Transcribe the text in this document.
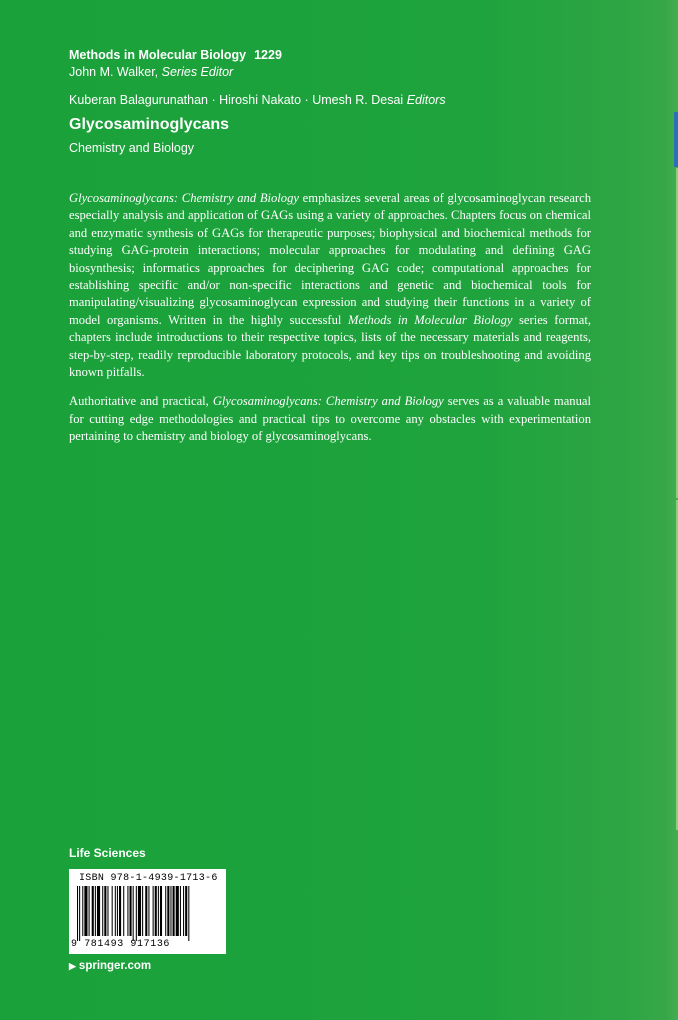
Methods in Molecular Biology 1229
John M. Walker, Series Editor
Kuberan Balagurunathan · Hiroshi Nakato · Umesh R. Desai Editors
Glycosaminoglycans
Chemistry and Biology

Glycosaminoglycans: Chemistry and Biology emphasizes several areas of glycosaminoglycan research especially analysis and application of GAGs using a variety of approaches. Chapters focus on chemical and enzymatic synthesis of GAGs for therapeutic purposes; biophysical and biochemical methods for studying GAG-protein interactions; molecular approaches for modulating and defining GAG biosynthesis; informatics approaches for deciphering GAG code; computational approaches for establishing specific and/or non-specific interactions and genetic and biochemical tools for manipulating/visualizing glycosaminoglycan expression and studying their functions in a variety of model organisms. Written in the highly successful Methods in Molecular Biology series format, chapters include introductions to their respective topics, lists of the necessary materials and reagents, step-by-step, readily reproducible laboratory protocols, and key tips on troubleshooting and avoiding known pitfalls.

Authoritative and practical, Glycosaminoglycans: Chemistry and Biology serves as a valuable manual for cutting edge methodologies and practical tips to overcome any obstacles with experimentation pertaining to chemistry and biology of glycosaminoglycans.

Life Sciences
ISBN 978-1-4939-1713-6
9 781493 917136
▶ springer.com
